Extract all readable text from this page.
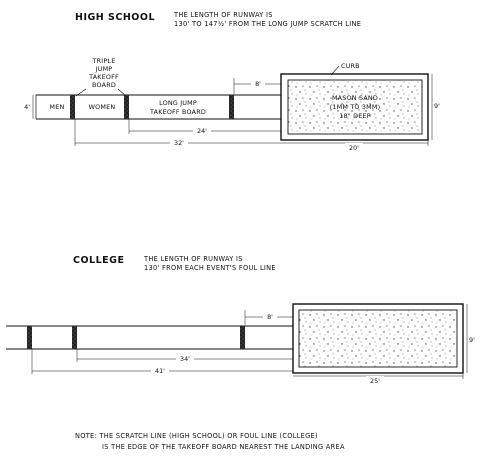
HIGH SCHOOL	THE LENGTH OF RUNWAY IS
130' TO 147½' FROM THE LONG JUMP SCRATCH LINE
TRIPLE
JUMP
TAKEOFF
BOARD
MEN	WOMEN	LONG JUMP
TAKEOFF BOARD
MASON SAND
(1MM TO 3MM)
18" DEEP
CURB
8'
9'
4'
24'
32'
20'
COLLEGE	THE LENGTH OF RUNWAY IS
130' FROM EACH EVENT'S FOUL LINE
8'
9'
34'
41'
25'
NOTE: THE SCRATCH LINE (HIGH SCHOOL) OR FOUL LINE (COLLEGE)
IS THE EDGE OF THE TAKEOFF BOARD NEAREST THE LANDING AREA
